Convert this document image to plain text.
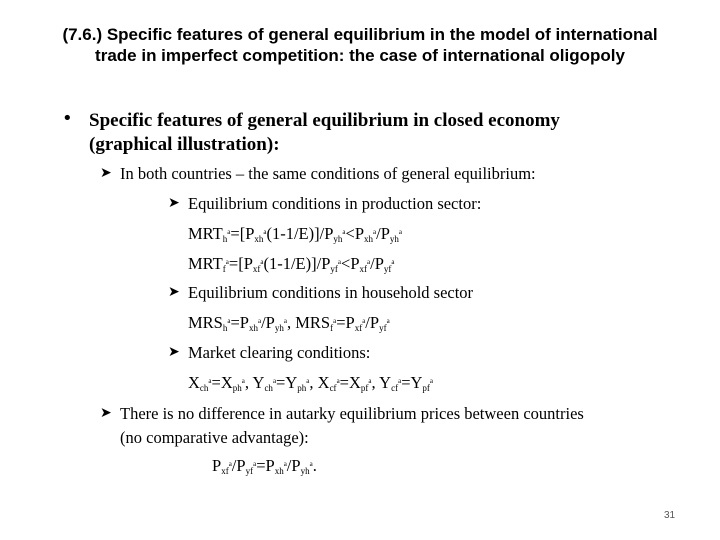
(7.6.) Specific features of general equilibrium in the model of international
trade in imperfect competition: the case of international oligopoly
• Specific features of general equilibrium in closed economy
(graphical illustration):
➤ In both countries – the same conditions of general equilibrium:
➤ Equilibrium conditions in production sector:
$MRT_h^a=[P_{xh}^a(1-1/E)]/P_{yh}^a<P_{xh}^a/P_{yh}^a$
$MRT_f^a=[P_{xf}^a(1-1/E)]/P_{yf}^a<P_{xf}^a/P_{yf}^a$
➤ Equilibrium conditions in household sector
$MRS_h^a=P_{xh}^a/P_{yh}^a$, $MRS_f^a=P_{xf}^a/P_{yf}^a$
➤ Market clearing conditions:
$X_{ch}^a=X_{ph}^a$, $Y_{ch}^a=Y_{ph}^a$, $X_{cf}^a=X_{pf}^a$, $Y_{cf}^a=Y_{pf}^a$
➤ There is no difference in autarky equilibrium prices between countries
(no comparative advantage):
$P_{xf}^a/P_{yf}^a=P_{xh}^a/P_{yh}^a$.
31
